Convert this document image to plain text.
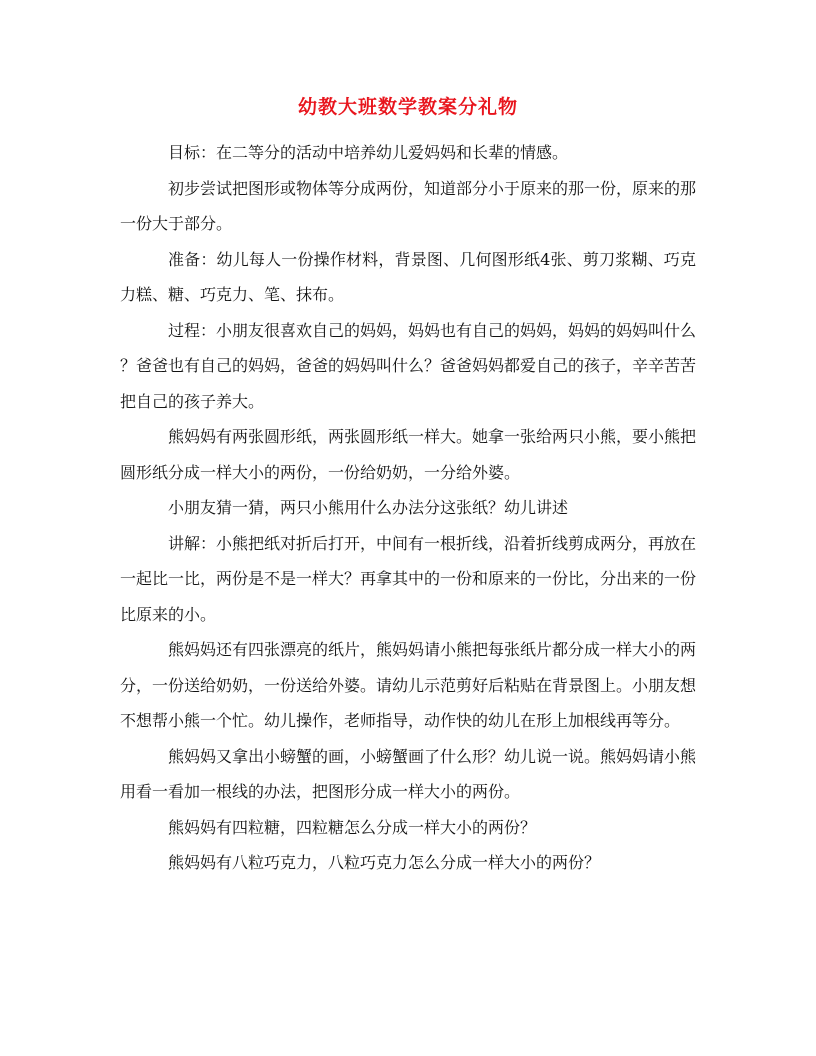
幼教大班数学教案分礼物

目标：在二等分的活动中培养幼儿爱妈妈和长辈的情感。

初步尝试把图形或物体等分成两份，知道部分小于原来的那一份，原来的那一份大于部分。

准备：幼儿每人一份操作材料，背景图、几何图形纸4张、剪刀浆糊、巧克力糕、糖、巧克力、笔、抹布。

过程：小朋友很喜欢自己的妈妈，妈妈也有自己的妈妈，妈妈的妈妈叫什么？爸爸也有自己的妈妈，爸爸的妈妈叫什么？爸爸妈妈都爱自己的孩子，辛辛苦苦把自己的孩子养大。

熊妈妈有两张圆形纸，两张圆形纸一样大。她拿一张给两只小熊，要小熊把圆形纸分成一样大小的两份，一份给奶奶，一分给外婆。

小朋友猜一猜，两只小熊用什么办法分这张纸？幼儿讲述

讲解：小熊把纸对折后打开，中间有一根折线，沿着折线剪成两分，再放在一起比一比，两份是不是一样大？再拿其中的一份和原来的一份比，分出来的一份比原来的小。

熊妈妈还有四张漂亮的纸片，熊妈妈请小熊把每张纸片都分成一样大小的两分，一份送给奶奶，一份送给外婆。请幼儿示范剪好后粘贴在背景图上。小朋友想不想帮小熊一个忙。幼儿操作，老师指导，动作快的幼儿在形上加根线再等分。

熊妈妈又拿出小螃蟹的画，小螃蟹画了什么形？幼儿说一说。熊妈妈请小熊用看一看加一根线的办法，把图形分成一样大小的两份。

熊妈妈有四粒糖，四粒糖怎么分成一样大小的两份？

熊妈妈有八粒巧克力，八粒巧克力怎么分成一样大小的两份？
